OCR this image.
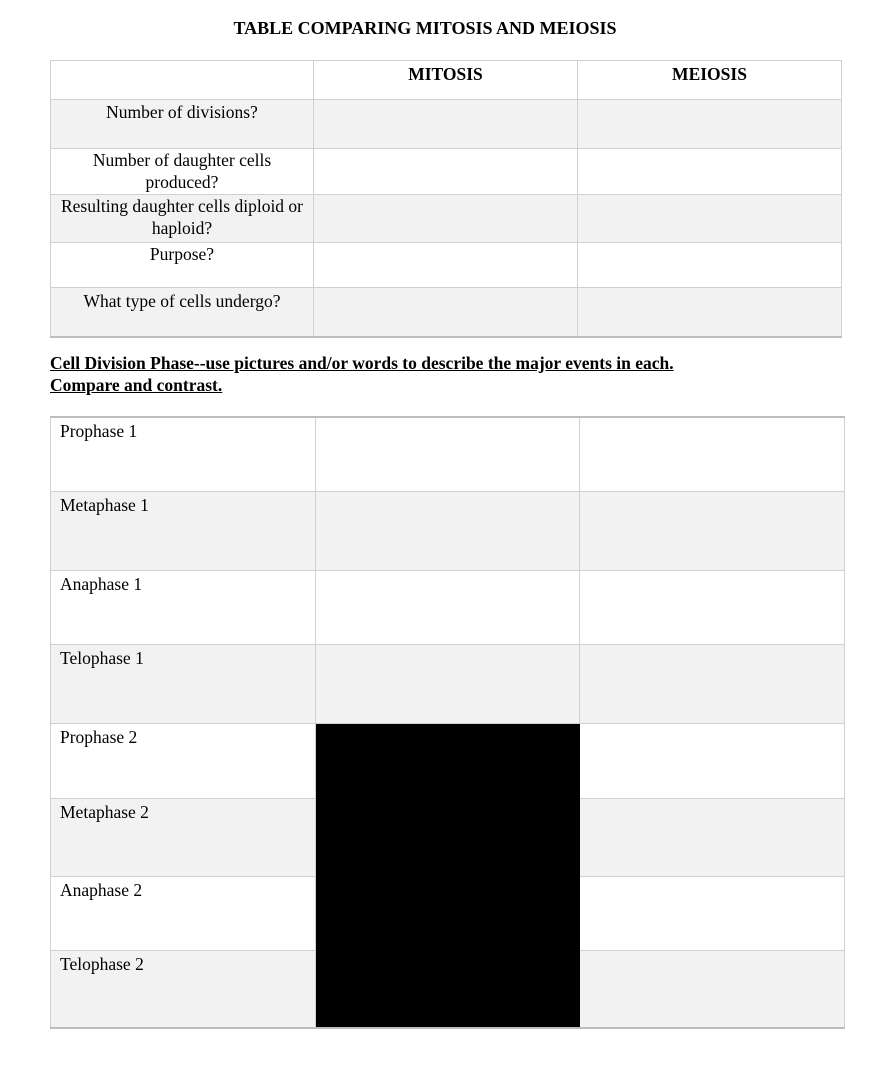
TABLE COMPARING MITOSIS AND MEIOSIS
	MITOSIS	MEIOSIS
Number of divisions?		
Number of daughter cells produced?		
Resulting daughter cells diploid or haploid?		
Purpose?		
What type of cells undergo?		
Cell Division Phase--use pictures and/or words to describe the major events in each.
Compare and contrast.
Prophase 1		
Metaphase 1		
Anaphase 1		
Telophase 1		
Prophase 2		
Metaphase 2		
Anaphase 2		
Telophase 2		
